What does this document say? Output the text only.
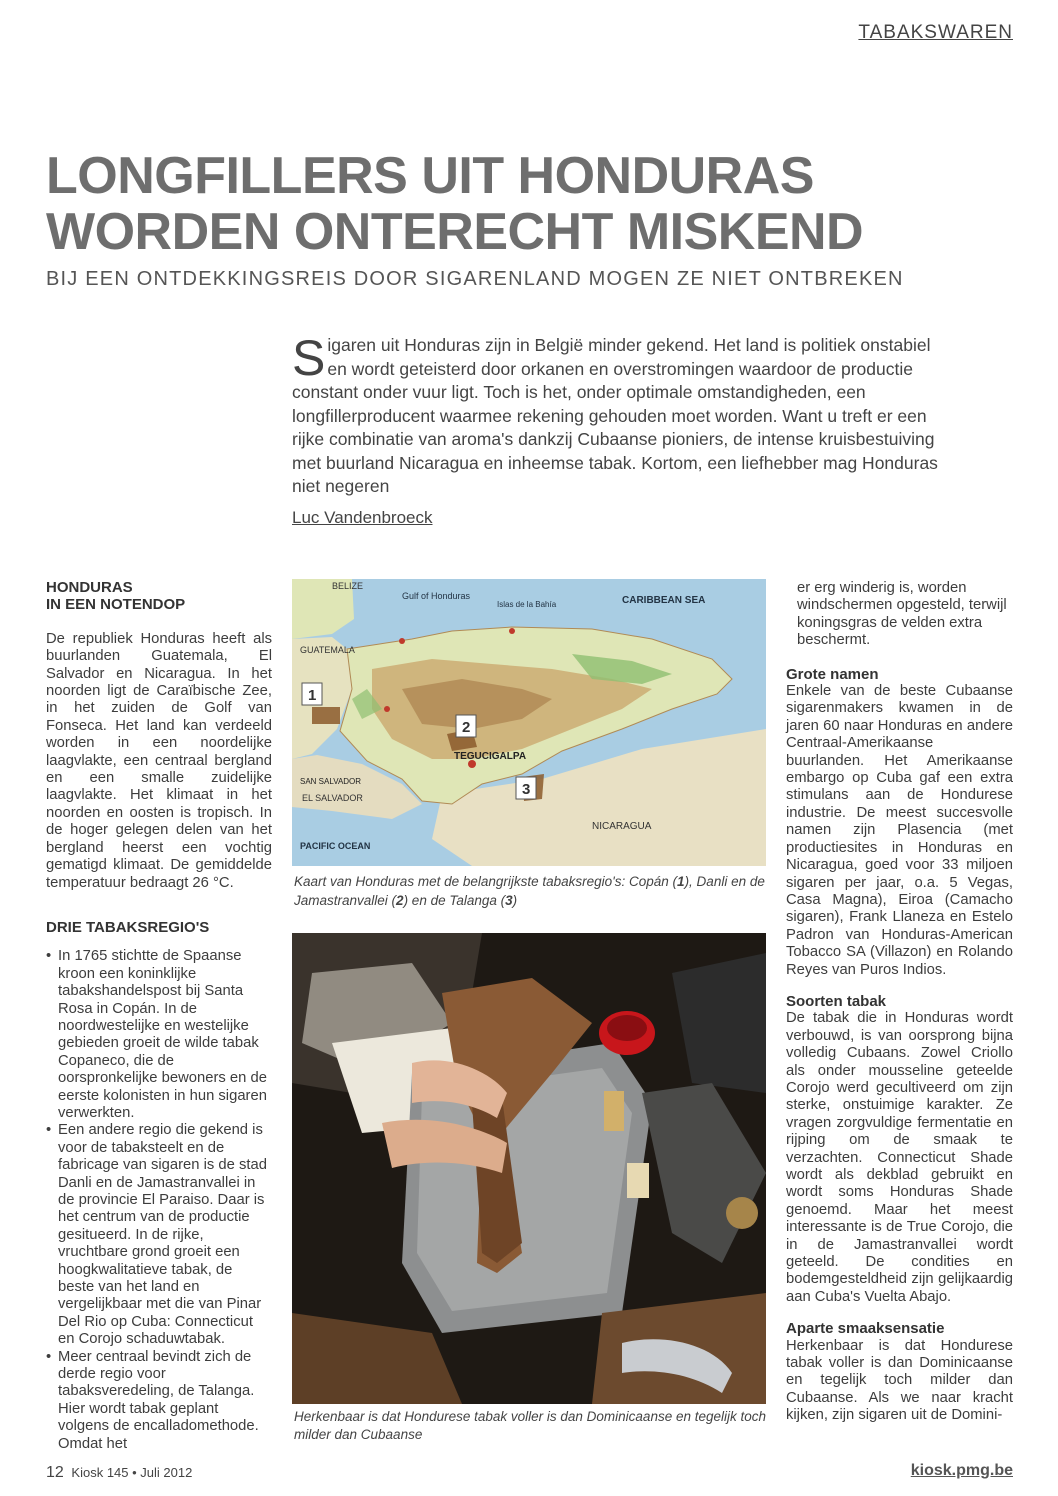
TABAKSWAREN
LONGFILLERS UIT HONDURAS
WORDEN ONTERECHT MISKEND
BIJ EEN ONTDEKKINGSREIS DOOR SIGARENLAND MOGEN ZE NIET ONTBREKEN
S igaren uit Honduras zijn in België minder gekend. Het land is politiek onstabiel en wordt geteisterd door orkanen en overstromingen waardoor de productie constant onder vuur ligt. Toch is het, onder optimale omstandigheden, een longfillerproducent waarmee rekening gehouden moet worden. Want u treft er een rijke combinatie van aroma's dankzij Cubaanse pioniers, de intense kruisbestuiving met buurland Nicaragua en inheemse tabak. Kortom, een liefhebber mag Honduras niet negeren
Luc Vandenbroeck
HONDURAS
IN EEN NOTENDOP

De republiek Honduras heeft als buurlanden Guatemala, El Salvador en Nicaragua. In het noorden ligt de Caraïbische Zee, in het zuiden de Golf van Fonseca. Het land kan verdeeld worden in een noordelijke laagvlakte, een centraal bergland en een smalle zuidelijke laagvlakte. Het klimaat in het noorden en oosten is tropisch. In de hoger gelegen delen van het bergland heerst een vochtig gematigd klimaat. De gemiddelde temperatuur bedraagt 26 °C.

DRIE TABAKSREGIO'S
• In 1765 stichtte de Spaanse kroon een koninklijke tabakshandelspost bij Santa Rosa in Copán. In de noordwestelijke en westelijke gebieden groeit de wilde tabak Copaneco, die de oorspronkelijke bewoners en de eerste kolonisten in hun sigaren verwerkten.
• Een andere regio die gekend is voor de tabaksteelt en de fabricage van sigaren is de stad Danli en de Jamastranvallei in de provincie El Paraiso. Daar is het centrum van de productie gesitueerd. In de rijke, vruchtbare grond groeit een hoogkwalitatieve tabak, de beste van het land en vergelijkbaar met die van Pinar Del Rio op Cuba: Connecticut en Corojo schaduwtabak.
• Meer centraal bevindt zich de derde regio voor tabaksveredeling, de Talanga. Hier wordt tabak geplant volgens de encalladomethode. Omdat het
BELIZE
Gulf of Honduras
Islas de la Bahía	CARIBBEAN SEA
GUATEMALA
TEGUCIGALPA
EL SALVADOR
SAN SALVADOR
NICARAGUA
PACIFIC OCEAN
1
2
3
Kaart van Honduras met de belangrijkste tabaksregio's: Copán (1), Danli en de Jamastranvallei (2) en de Talanga (3)
Herkenbaar is dat Hondurese tabak voller is dan Dominicaanse en tegelijk toch milder dan Cubaanse

er erg winderig is, worden windschermen opgesteld, terwijl koningsgras de velden extra beschermt.

Grote namen

Enkele van de beste Cubaanse sigarenmakers kwamen in de jaren 60 naar Honduras en andere Centraal-Amerikaanse buurlanden. Het Amerikaanse embargo op Cuba gaf een extra stimulans aan de Hondurese industrie. De meest succesvolle namen zijn Plasencia (met productiesites in Honduras en Nicaragua, goed voor 33 miljoen sigaren per jaar, o.a. 5 Vegas, Casa Magna), Eiroa (Camacho sigaren), Frank Llaneza en Estelo Padron van Honduras-American Tobacco SA (Villazon) en Rolando Reyes van Puros Indios.

Soorten tabak

De tabak die in Honduras wordt verbouwd, is van oorsprong bijna volledig Cubaans. Zowel Criollo als onder mousseline geteelde Corojo werd gecultiveerd om zijn sterke, onstuimige karakter. Ze vragen zorgvuldige fermentatie en rijping om de smaak te verzachten. Connecticut Shade wordt als dekblad gebruikt en wordt soms Honduras Shade genoemd. Maar het meest interessante is de True Corojo, die in de Jamastranvallei wordt geteeld. De condities en bodemgesteldheid zijn gelijkaardig aan Cuba's Vuelta Abajo.

Aparte smaaksensatie

Herkenbaar is dat Hondurese tabak voller is dan Dominicaanse en tegelijk toch milder dan Cubaanse. Als we naar kracht kijken, zijn sigaren uit de Domini-

12 Kiosk 145 • Juli 2012	kiosk.pmg.be
